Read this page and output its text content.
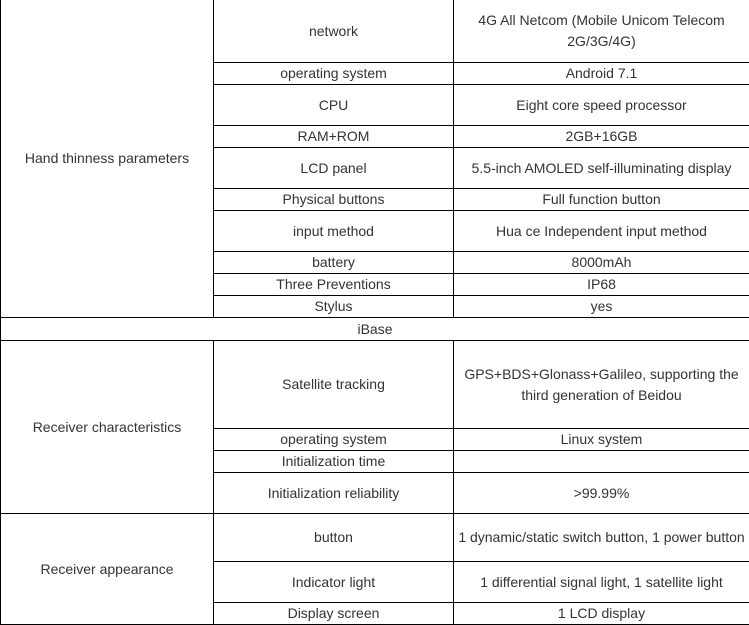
Hand thinness parameters	network	4G All Netcom (Mobile Unicom Telecom 2G/3G/4G)
	operating system	Android 7.1
	CPU	Eight core speed processor
	RAM+ROM	2GB+16GB
	LCD panel	5.5-inch AMOLED self-illuminating display
	Physical buttons	Full function button
	input method	Hua ce Independent input method
	battery	8000mAh
	Three Preventions	IP68
	Stylus	yes
iBase		
Receiver characteristics	Satellite tracking	GPS+BDS+Glonass+Galileo, supporting the third generation of Beidou
	operating system	Linux system
	Initialization time	
	Initialization reliability	>99.99%
Receiver appearance	button	1 dynamic/static switch button, 1 power button
	Indicator light	1 differential signal light, 1 satellite light
	Display screen	1 LCD display
